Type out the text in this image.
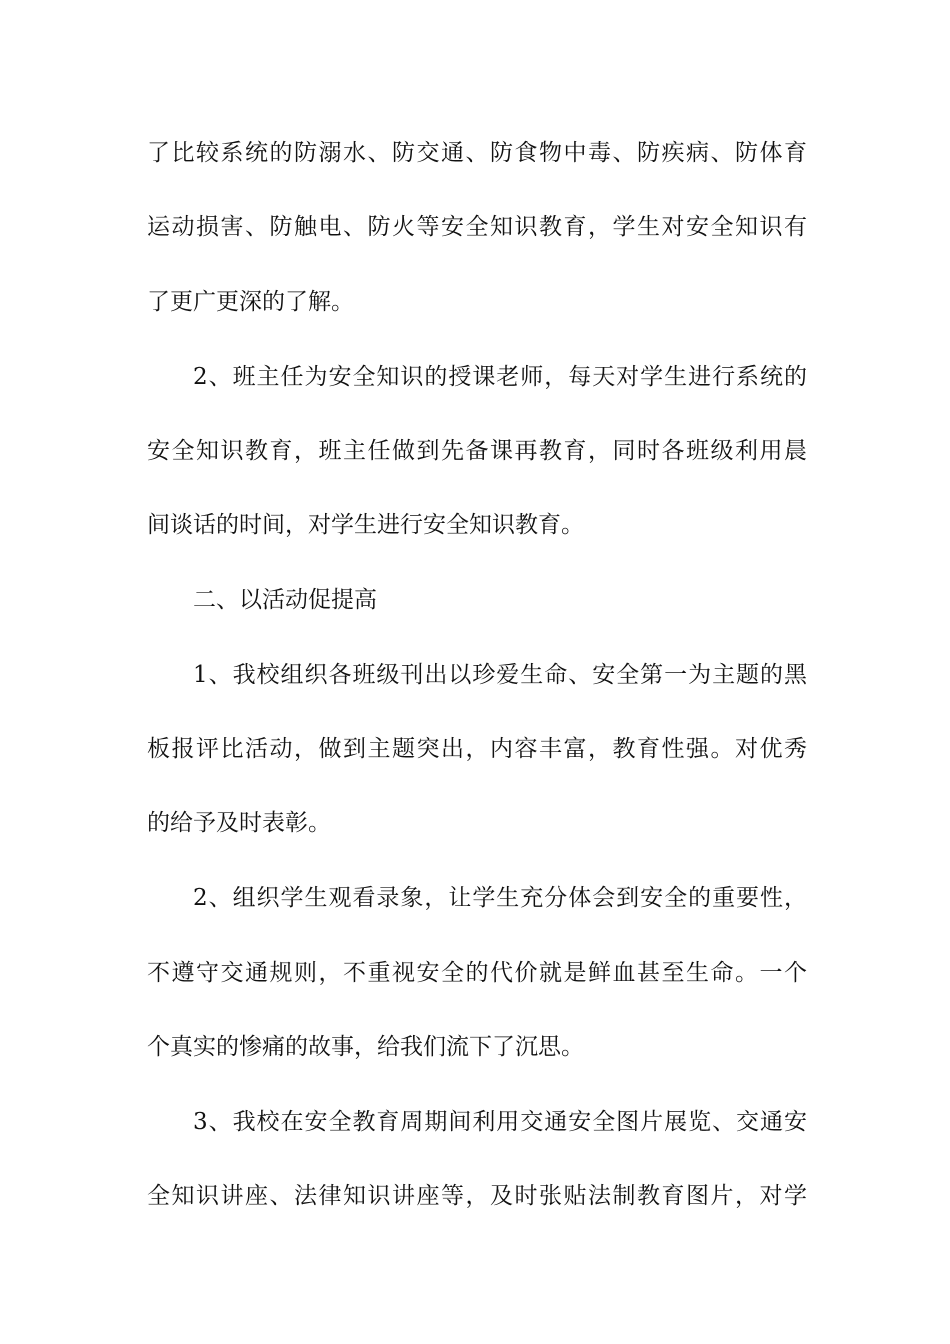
了比较系统的防溺水、防交通、防食物中毒、防疾病、防体育
运动损害、防触电、防火等安全知识教育，学生对安全知识有
了更广更深的了解。
2、班主任为安全知识的授课老师，每天对学生进行系统的
安全知识教育，班主任做到先备课再教育，同时各班级利用晨
间谈话的时间，对学生进行安全知识教育。
二、以活动促提高
1、我校组织各班级刊出以珍爱生命、安全第一为主题的黑
板报评比活动，做到主题突出，内容丰富，教育性强。对优秀
的给予及时表彰。
2、组织学生观看录象，让学生充分体会到安全的重要性，
不遵守交通规则，不重视安全的代价就是鲜血甚至生命。一个
个真实的惨痛的故事，给我们流下了沉思。
3、我校在安全教育周期间利用交通安全图片展览、交通安
全知识讲座、法律知识讲座等，及时张贴法制教育图片，对学
